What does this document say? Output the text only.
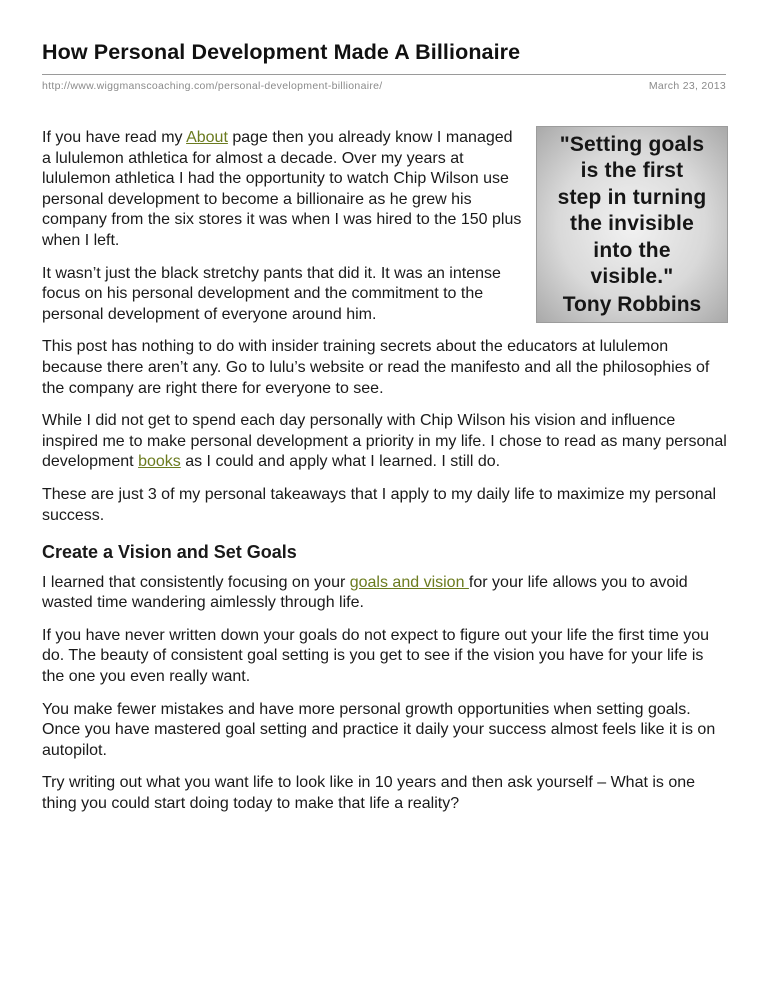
How Personal Development Made A Billionaire
http://www.wiggmanscoaching.com/personal-development-billionaire/	March 23, 2013
"Setting goals
is the first
step in turning
the invisible
into the
visible."
Tony Robbins

If you have read my About page then you already know I managed a lululemon athletica for almost a decade. Over my years at lululemon athletica I had the opportunity to watch Chip Wilson use personal development to become a billionaire as he grew his company from the six stores it was when I was hired to the 150 plus when I left.

It wasn’t just the black stretchy pants that did it. It was an intense focus on his personal development and the commitment to the personal development of everyone around him.

This post has nothing to do with insider training secrets about the educators at lululemon because there aren’t any. Go to lulu’s website or read the manifesto and all the philosophies of the company are right there for everyone to see.

While I did not get to spend each day personally with Chip Wilson his vision and influence inspired me to make personal development a priority in my life. I chose to read as many personal development books as I could and apply what I learned. I still do.

These are just 3 of my personal takeaways that I apply to my daily life to maximize my personal success.

Create a Vision and Set Goals

I learned that consistently focusing on your goals and vision for your life allows you to avoid wasted time wandering aimlessly through life.

If you have never written down your goals do not expect to figure out your life the first time you do. The beauty of consistent goal setting is you get to see if the vision you have for your life is the one you even really want.

You make fewer mistakes and have more personal growth opportunities when setting goals. Once you have mastered goal setting and practice it daily your success almost feels like it is on autopilot.

Try writing out what you want life to look like in 10 years and then ask yourself – What is one thing you could start doing today to make that life a reality?
